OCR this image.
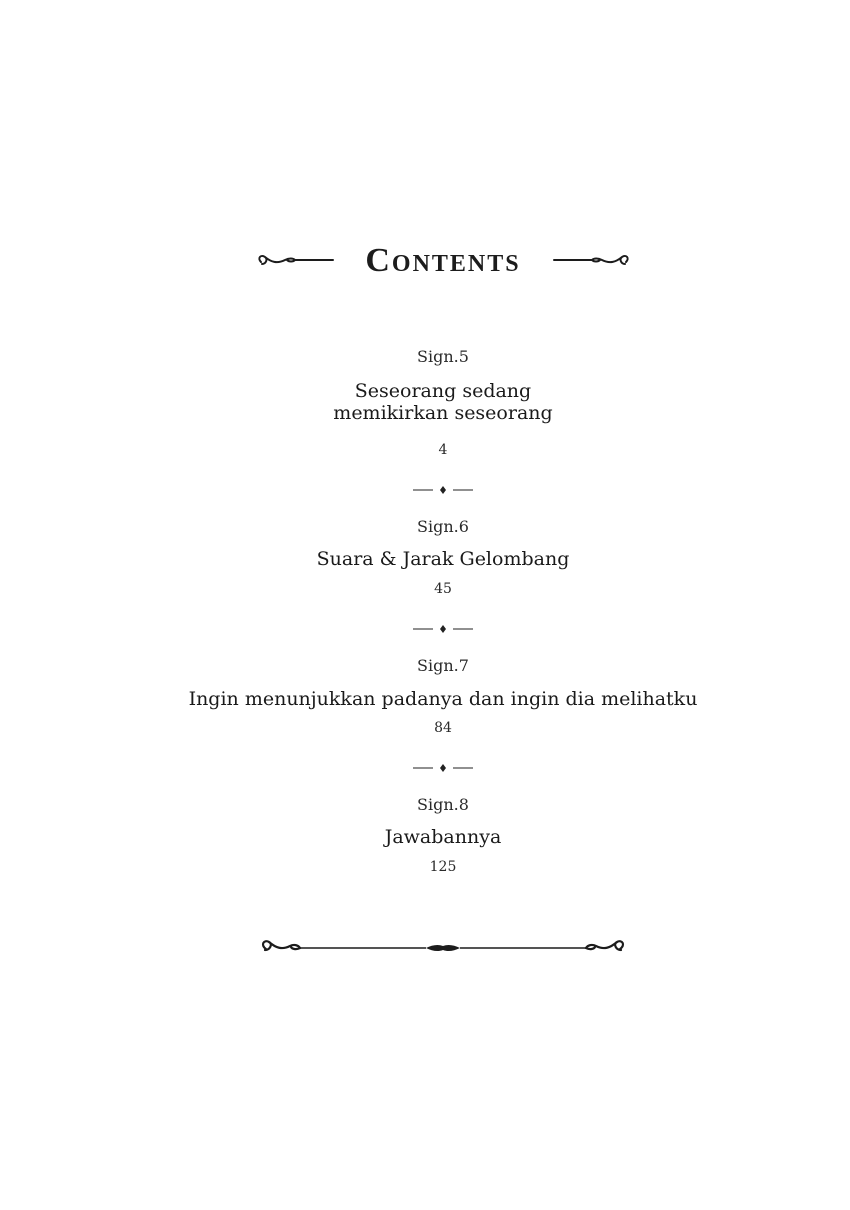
Contents
Sign.5
Seseorang sedang
memikirkan seseorang
4
Sign.6
Suara & Jarak Gelombang
45
Sign.7
Ingin menunjukkan padanya dan ingin dia melihatku
84
Sign.8
Jawabannya
125
